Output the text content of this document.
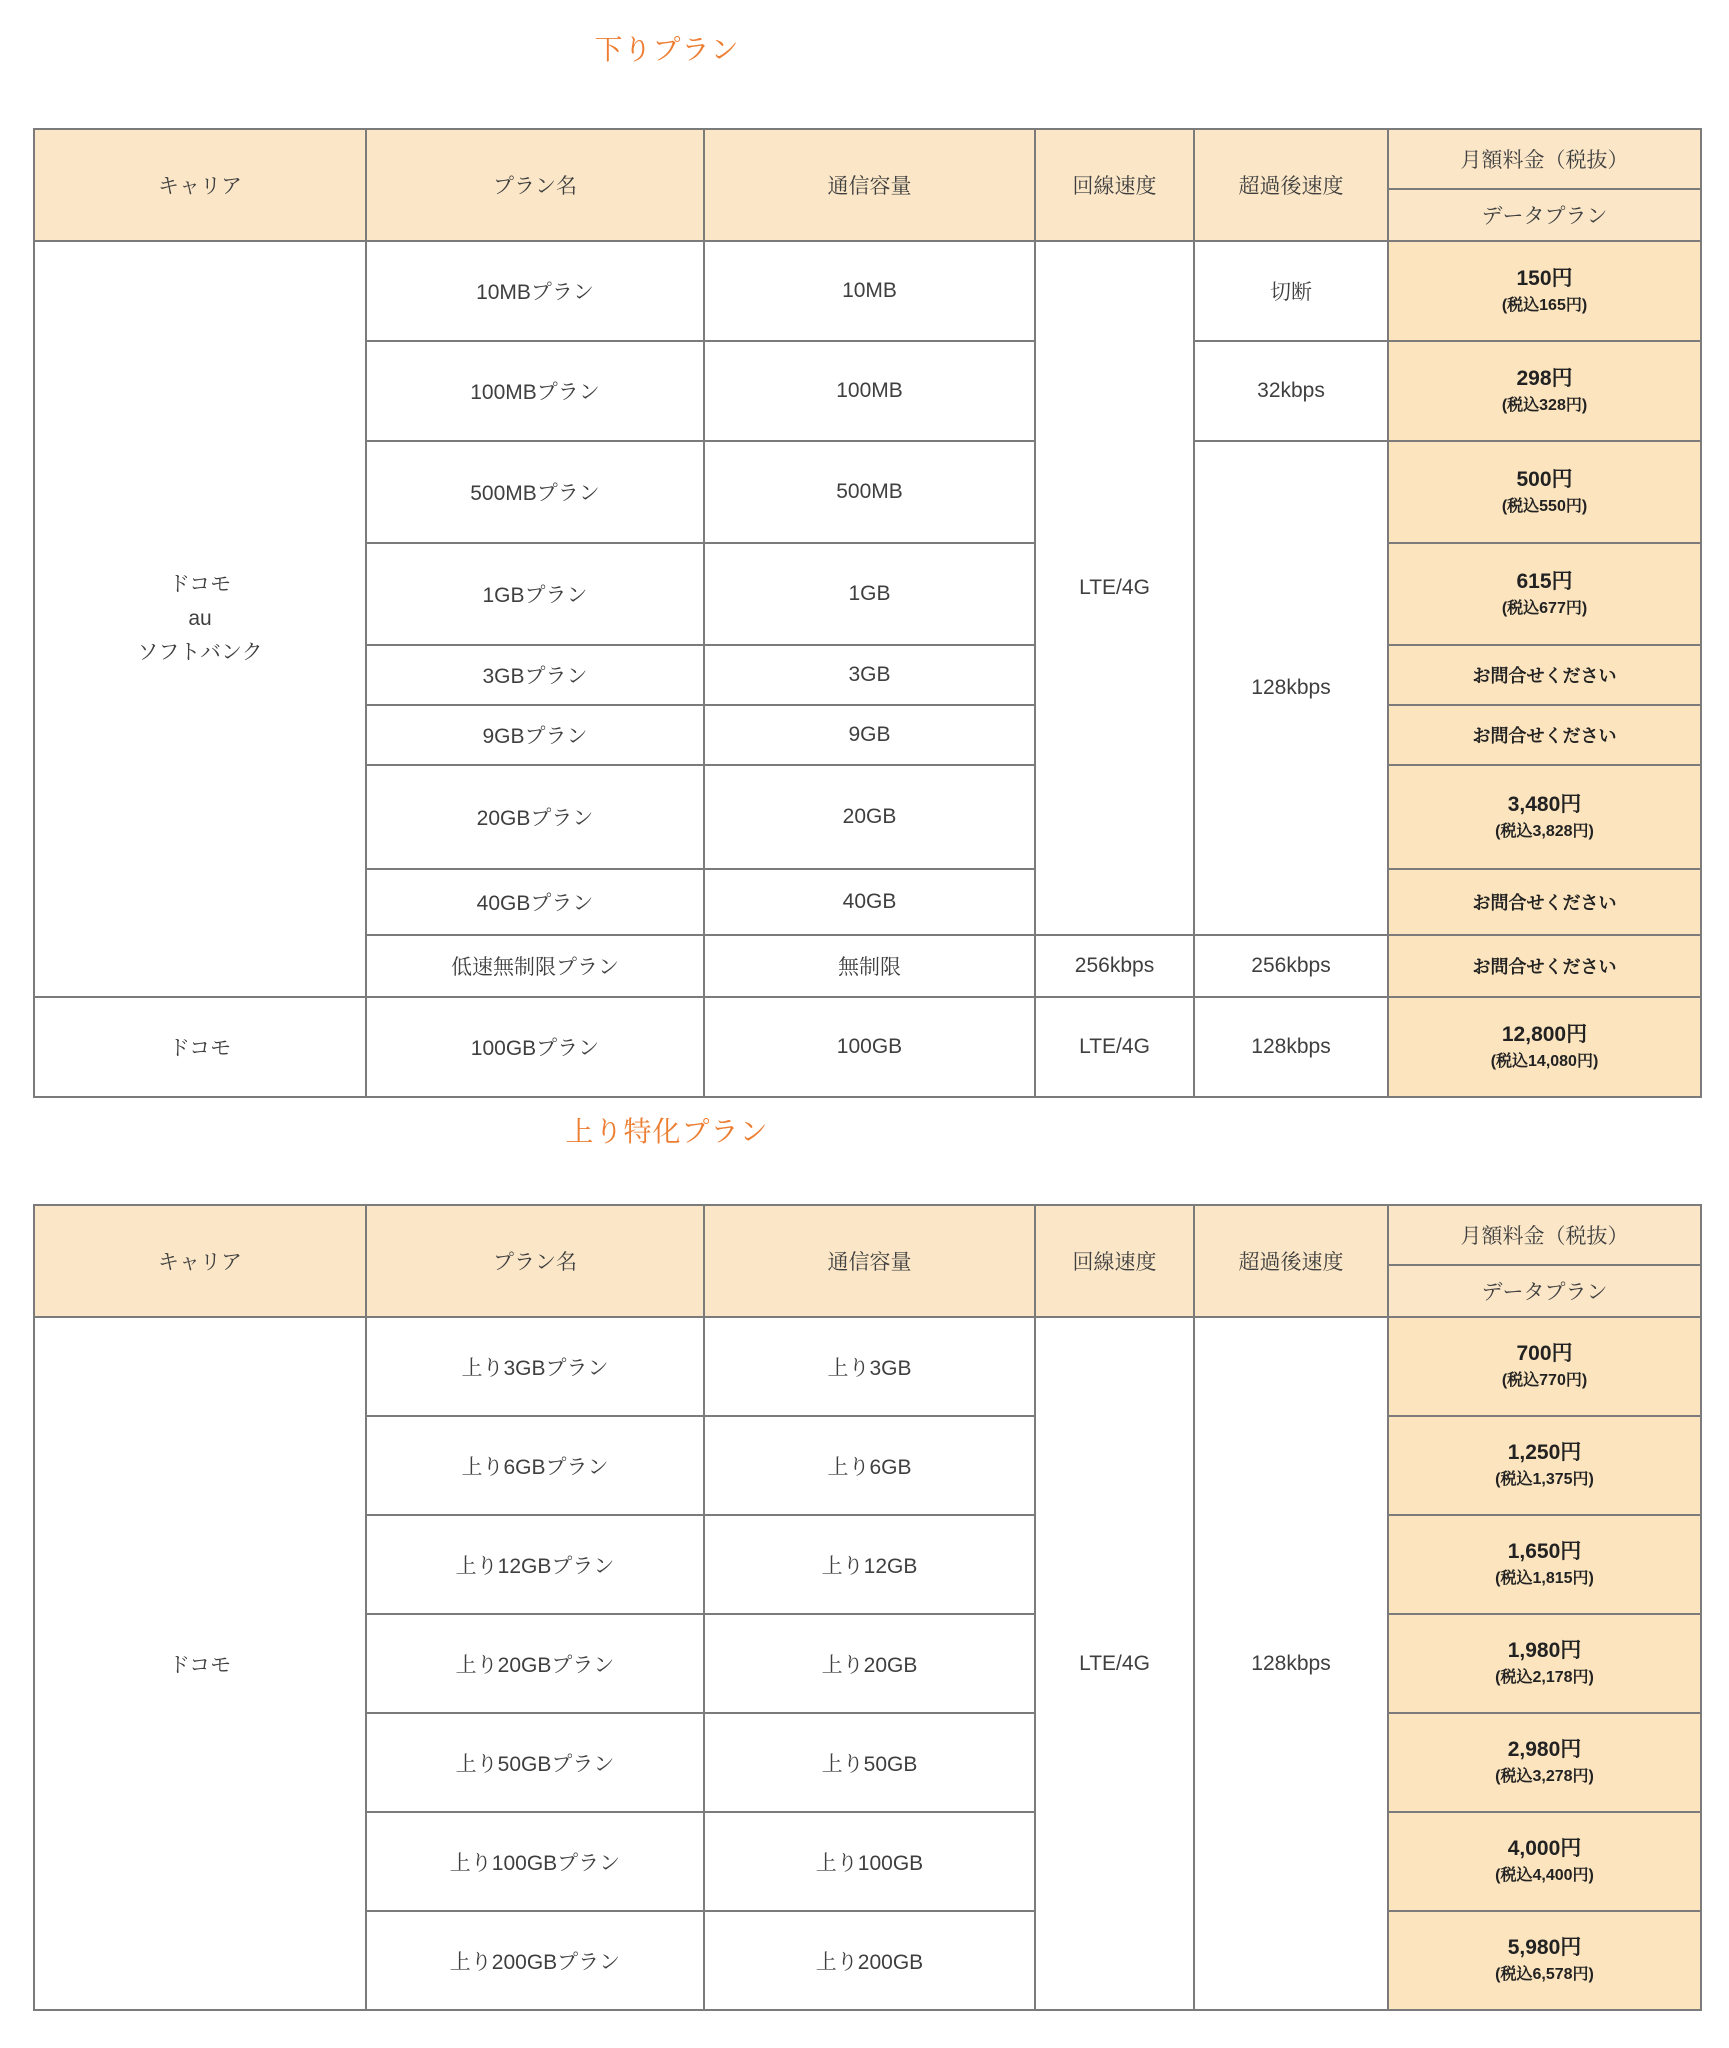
下りプラン
キャリア	プラン名	通信容量	回線速度	超過後速度	月額料金（税抜）
					データプラン

ドコモ
au
ソフトバンク
	10MBプラン	10MB	LTE/4G	切断	
150円
(税込165円)

	100MBプラン	100MB		32kbps	298円
(税込328円)

	500MBプラン	500MB		128kbps	500円
(税込550円)

	1GBプラン	1GB			615円
(税込677円)

	3GBプラン	3GB			お問合せください

	9GBプラン	9GB			お問合せください

	20GBプラン	20GB			3,480円
(税込3,828円)

	40GBプラン	40GB			お問合せください

	低速無制限プラン	無制限	256kbps	256kbps	お問合せください

ドコモ	100GBプラン	100GB	LTE/4G	128kbps	12,800円
(税込14,080円)
上り特化プラン
キャリア	プラン名	通信容量	回線速度	超過後速度	月額料金（税抜）
					データプラン
ドコモ	上り3GBプラン	上り3GB	LTE/4G	128kbps	700円
(税込770円)

	上り6GBプラン	上り6GB			1,250円
(税込1,375円)

	上り12GBプラン	上り12GB			1,650円
(税込1,815円)

	上り20GBプラン	上り20GB			1,980円
(税込2,178円)

	上り50GBプラン	上り50GB			2,980円
(税込3,278円)

	上り100GBプラン	上り100GB			4,000円
(税込4,400円)

	上り200GBプラン	上り200GB			5,980円
(税込6,578円)
